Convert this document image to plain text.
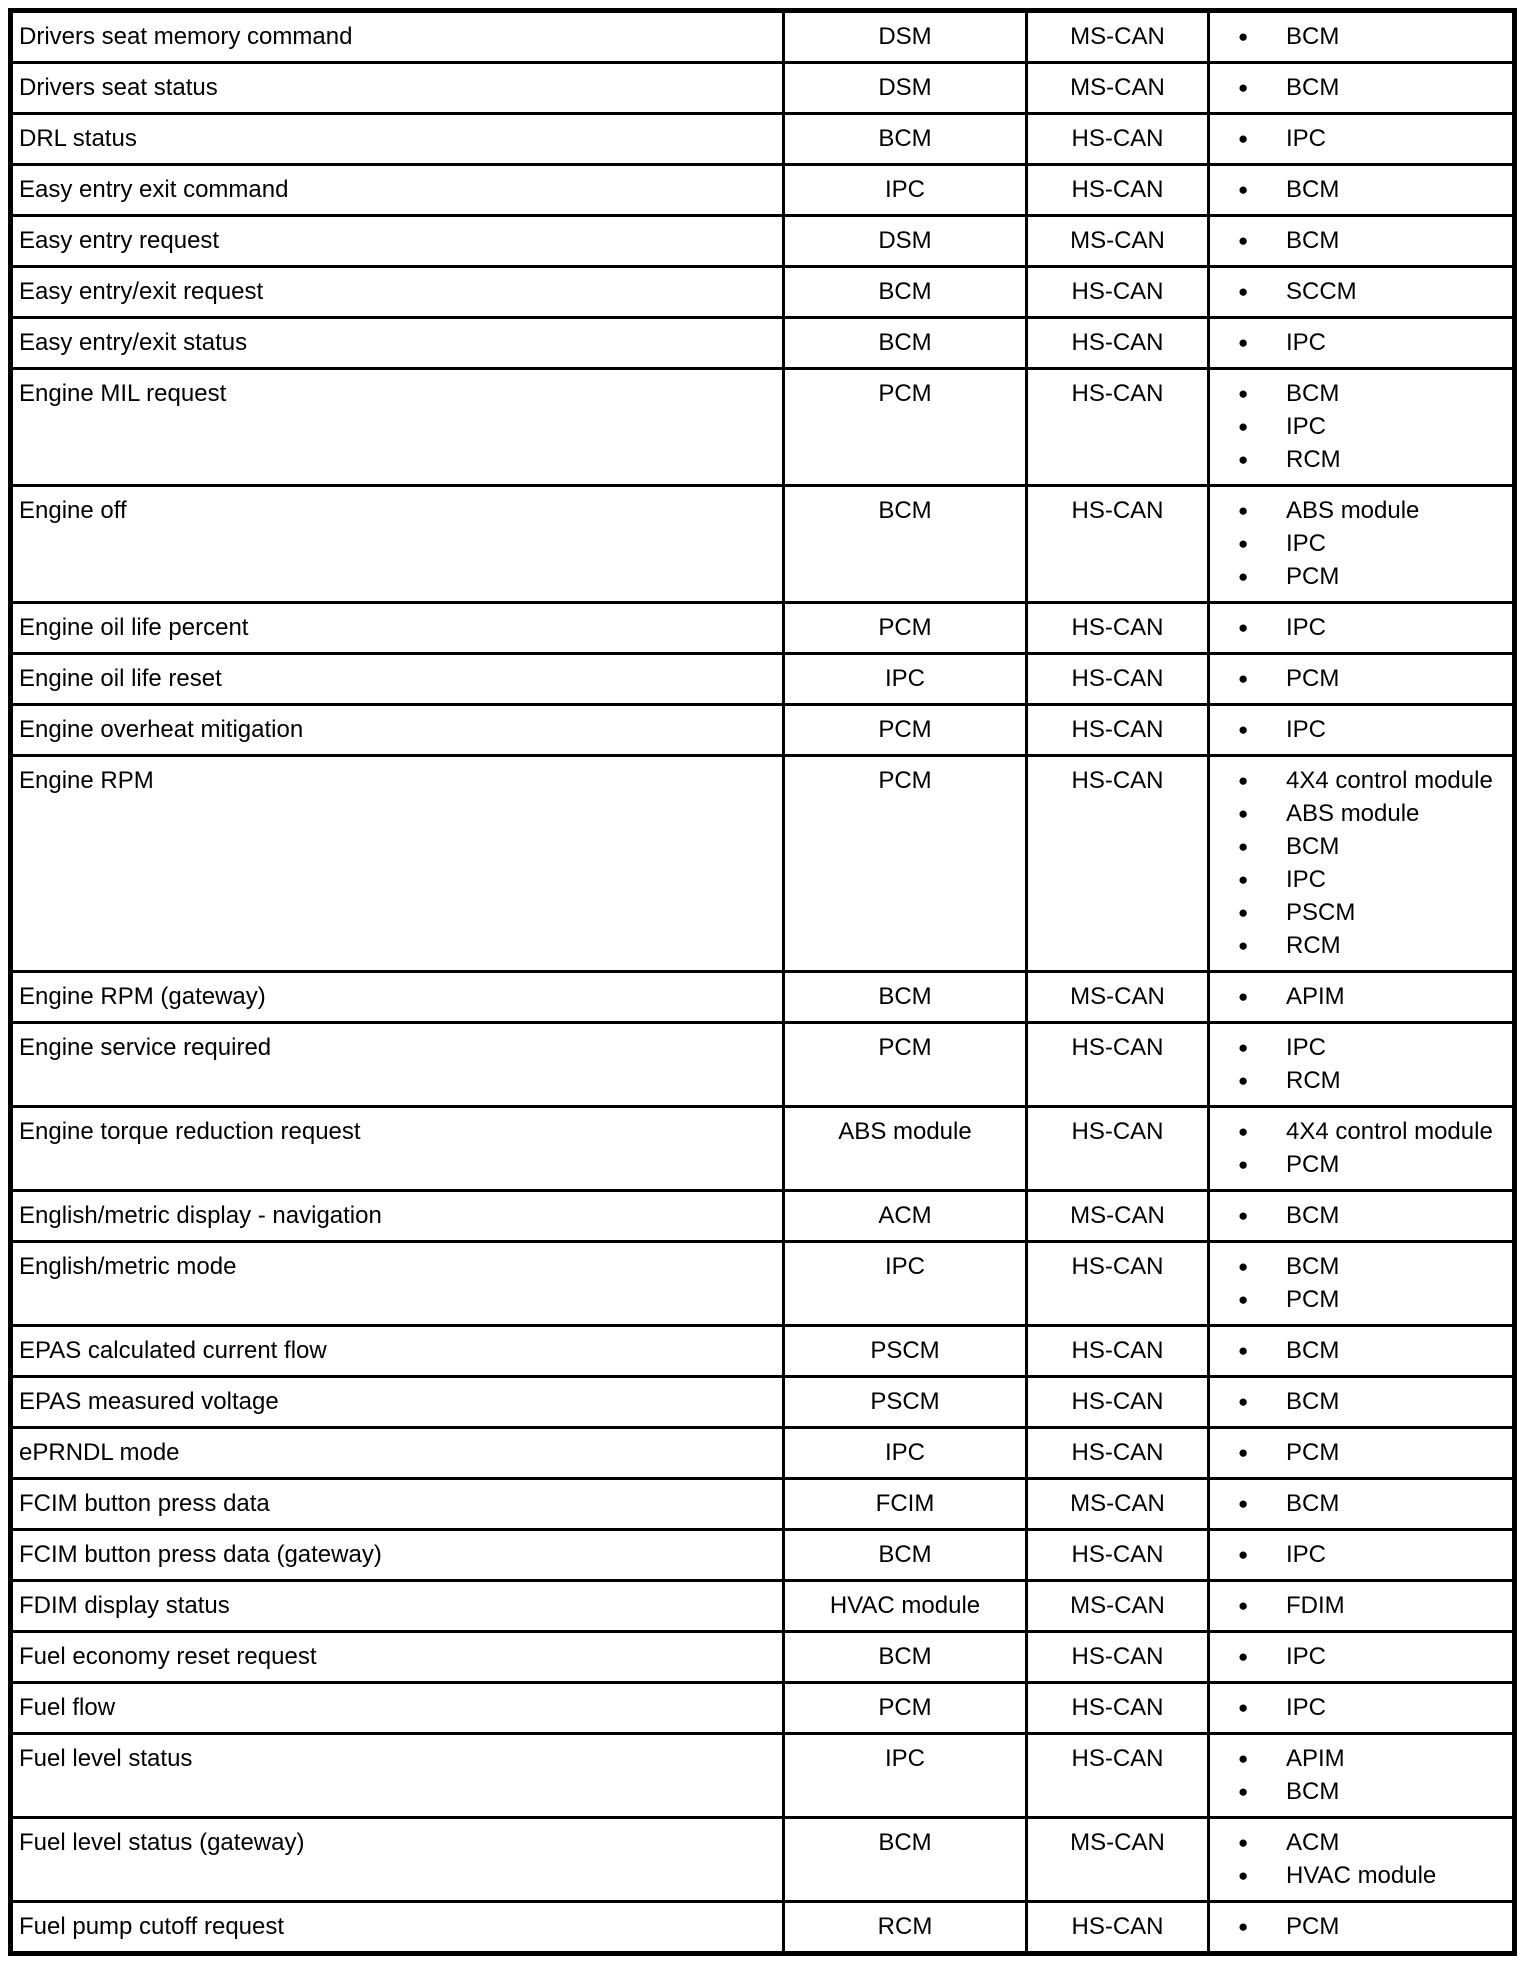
Drivers seat memory command	DSM	MS-CAN	● BCM

Drivers seat status	DSM	MS-CAN	● BCM

DRL status	BCM	HS-CAN	● IPC

Easy entry exit command	IPC	HS-CAN	● BCM

Easy entry request	DSM	MS-CAN	● BCM

Easy entry/exit request	BCM	HS-CAN	● SCCM

Easy entry/exit status	BCM	HS-CAN	● IPC

Engine MIL request	PCM	HS-CAN	● BCM
● IPC
● RCM

Engine off	BCM	HS-CAN	● ABS module
● IPC
● PCM

Engine oil life percent	PCM	HS-CAN	● IPC

Engine oil life reset	IPC	HS-CAN	● PCM

Engine overheat mitigation	PCM	HS-CAN	● IPC

Engine RPM	PCM	HS-CAN	● 4X4 control module
● ABS module
● BCM
● IPC
● PSCM
● RCM

Engine RPM (gateway)	BCM	MS-CAN	● APIM

Engine service required	PCM	HS-CAN	● IPC
● RCM

Engine torque reduction request	ABS module	HS-CAN	● 4X4 control module
● PCM

English/metric display - navigation	ACM	MS-CAN	● BCM

English/metric mode	IPC	HS-CAN	● BCM
● PCM

EPAS calculated current flow	PSCM	HS-CAN	● BCM

EPAS measured voltage	PSCM	HS-CAN	● BCM

ePRNDL mode	IPC	HS-CAN	● PCM

FCIM button press data	FCIM	MS-CAN	● BCM

FCIM button press data (gateway)	BCM	HS-CAN	● IPC

FDIM display status	HVAC module	MS-CAN	● FDIM

Fuel economy reset request	BCM	HS-CAN	● IPC

Fuel flow	PCM	HS-CAN	● IPC

Fuel level status	IPC	HS-CAN	● APIM
● BCM

Fuel level status (gateway)	BCM	MS-CAN	● ACM
● HVAC module

Fuel pump cutoff request	RCM	HS-CAN	● PCM
